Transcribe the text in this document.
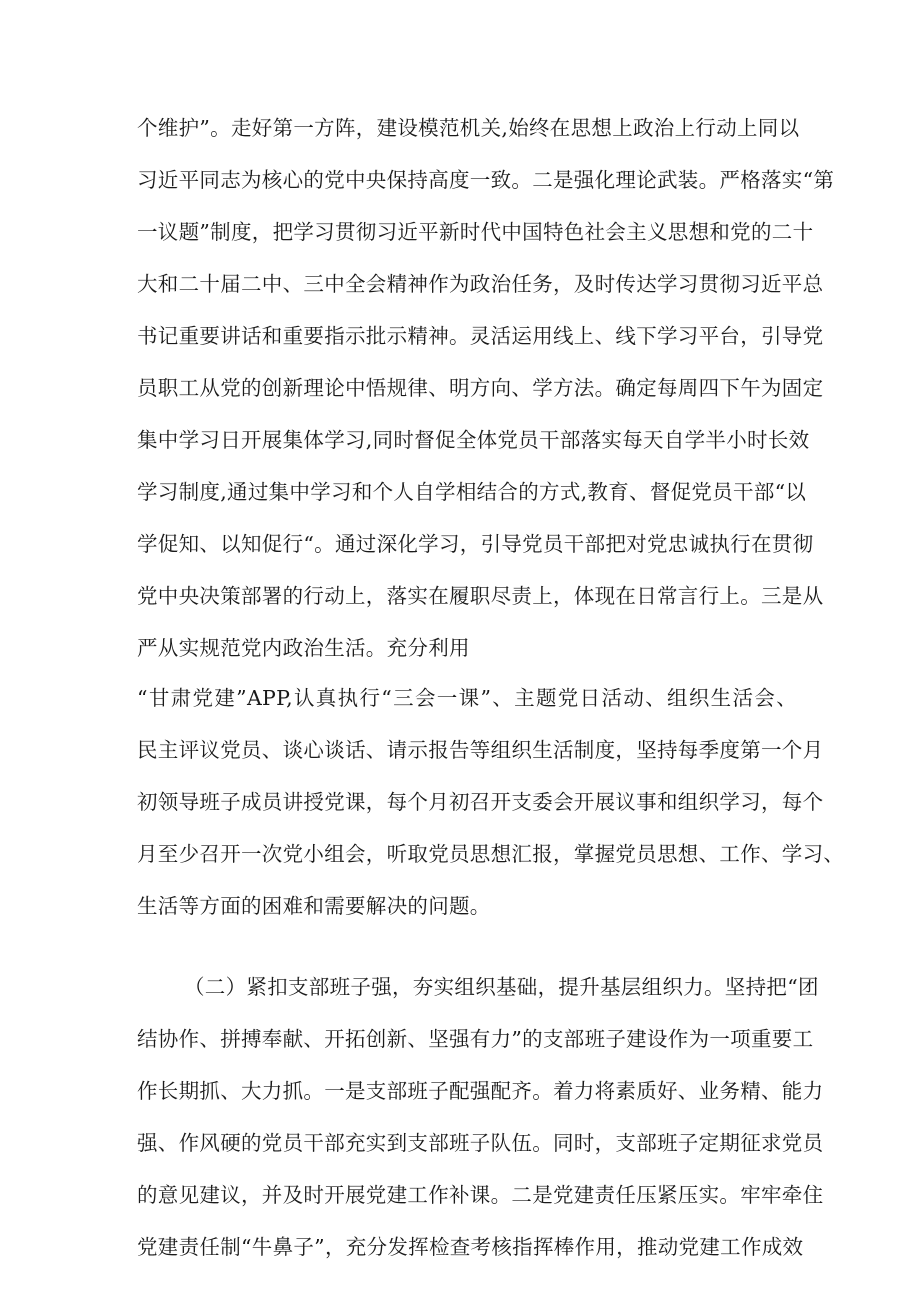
个维护”。走好第一方阵，建设模范机关,始终在思想上政治上行动上同以
习近平同志为核心的党中央保持高度一致。二是强化理论武装。严格落实“第
一议题”制度，把学习贯彻习近平新时代中国特色社会主义思想和党的二十
大和二十届二中、三中全会精神作为政治任务，及时传达学习贯彻习近平总
书记重要讲话和重要指示批示精神。灵活运用线上、线下学习平台，引导党
员职工从党的创新理论中悟规律、明方向、学方法。确定每周四下午为固定
集中学习日开展集体学习,同时督促全体党员干部落实每天自学半小时长效
学习制度,通过集中学习和个人自学相结合的方式,教育、督促党员干部“以
学促知、以知促行“。通过深化学习，引导党员干部把对党忠诚执行在贯彻
党中央决策部署的行动上，落实在履职尽责上，体现在日常言行上。三是从
严从实规范党内政治生活。充分利用
“甘肃党建”APP,认真执行“三会一课”、主题党日活动、组织生活会、
民主评议党员、谈心谈话、请示报告等组织生活制度，坚持每季度第一个月
初领导班子成员讲授党课，每个月初召开支委会开展议事和组织学习，每个
月至少召开一次党小组会，听取党员思想汇报，掌握党员思想、工作、学习、
生活等方面的困难和需要解决的问题。
（二）紧扣支部班子强，夯实组织基础，提升基层组织力。坚持把“团
结协作、拼搏奉献、开拓创新、坚强有力”的支部班子建设作为一项重要工
作长期抓、大力抓。一是支部班子配强配齐。着力将素质好、业务精、能力
强、作风硬的党员干部充实到支部班子队伍。同时，支部班子定期征求党员
的意见建议，并及时开展党建工作补课。二是党建责任压紧压实。牢牢牵住
党建责任制“牛鼻子”，充分发挥检查考核指挥棒作用，推动党建工作成效
